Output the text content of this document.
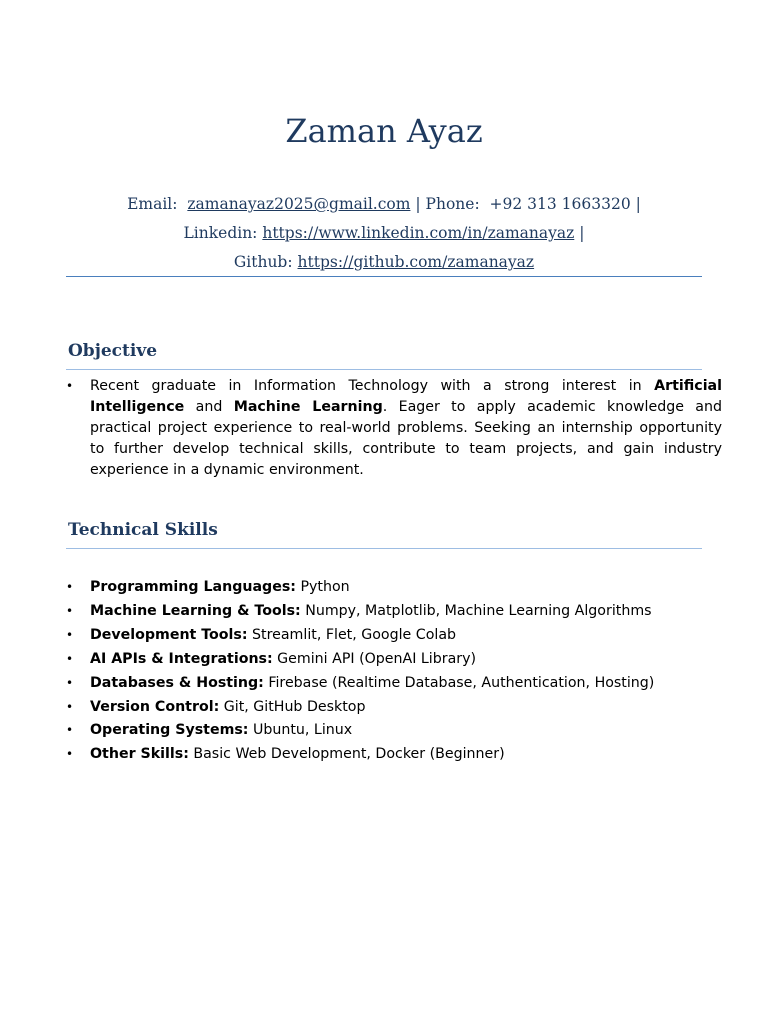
Zaman Ayaz
Email: zamanayaz2025@gmail.com | Phone: +92 313 1663320 |
Linkedin: https://www.linkedin.com/in/zamanayaz |
Github: https://github.com/zamanayaz
Objective
• Recent graduate in Information Technology with a strong interest in Artificial Intelligence and Machine Learning. Eager to apply academic knowledge and practical project experience to real-world problems. Seeking an internship opportunity to further develop technical skills, contribute to team projects, and gain industry experience in a dynamic environment.
Technical Skills
• Programming Languages: Python
• Machine Learning & Tools: Numpy, Matplotlib, Machine Learning Algorithms
• Development Tools: Streamlit, Flet, Google Colab
• AI APIs & Integrations: Gemini API (OpenAI Library)
• Databases & Hosting: Firebase (Realtime Database, Authentication, Hosting)
• Version Control: Git, GitHub Desktop
• Operating Systems: Ubuntu, Linux
• Other Skills: Basic Web Development, Docker (Beginner)
